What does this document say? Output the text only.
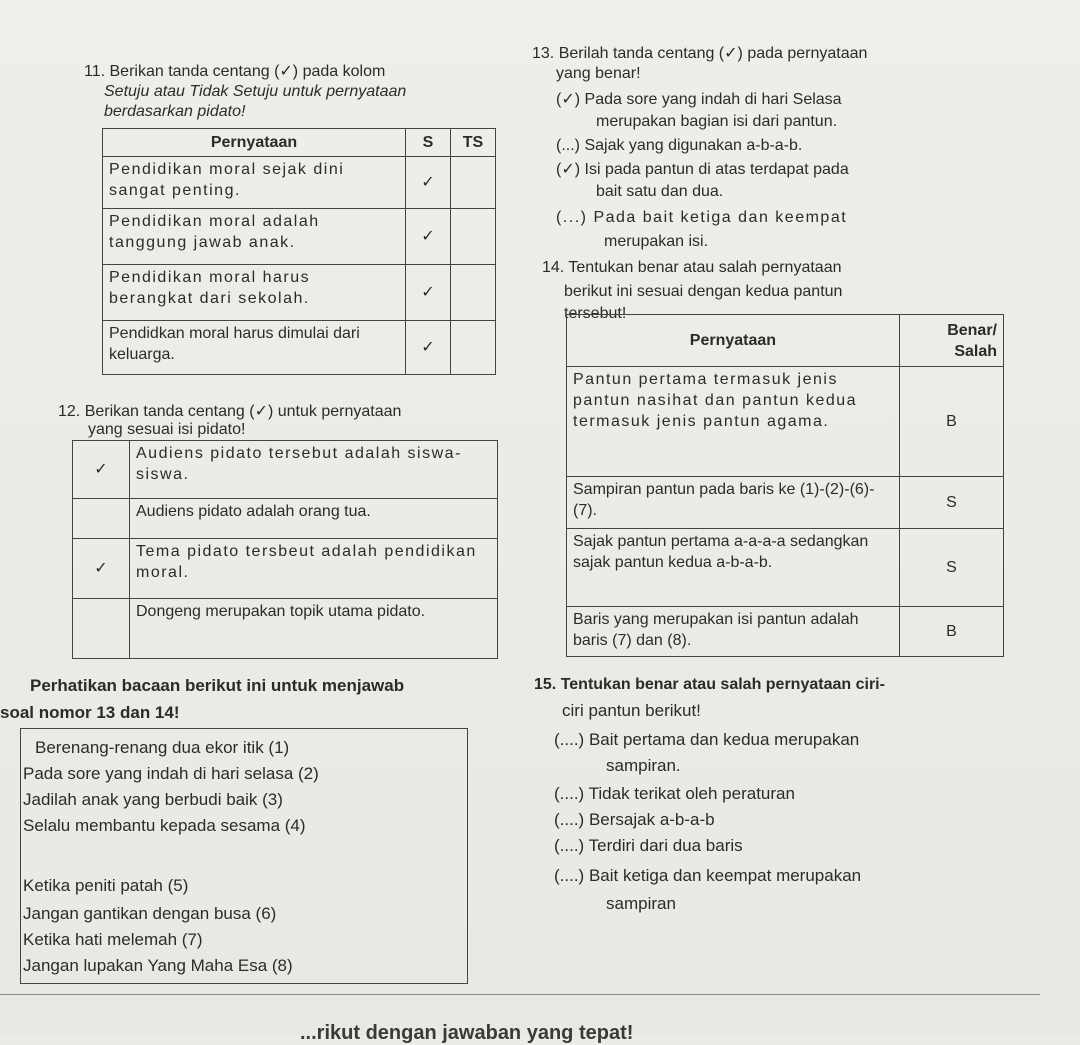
11. Berikan tanda centang (✓) pada kolom
Setuju atau Tidak Setuju untuk pernyataan
berdasarkan pidato!
Pernyataan	S	TS
Pendidikan moral sejak dini sangat penting.	✓	
Pendidikan moral adalah tanggung jawab anak.	✓	
Pendidikan moral harus berangkat dari sekolah.	✓	
Pendidkan moral harus dimulai dari keluarga.	✓	
12. Berikan tanda centang (✓) untuk pernyataan
yang sesuai isi pidato!
✓	Audiens pidato tersebut adalah siswa-siswa.
	Audiens pidato adalah orang tua.
✓	Tema pidato tersbeut adalah pendidikan moral.
	Dongeng merupakan topik utama pidato.
Perhatikan bacaan berikut ini untuk menjawab
soal nomor 13 dan 14!
Berenang-renang dua ekor itik (1)
Pada sore yang indah di hari selasa (2)
Jadilah anak yang berbudi baik (3)
Selalu membantu kepada sesama (4)
Ketika peniti patah (5)
Jangan gantikan dengan busa (6)
Ketika hati melemah (7)
Jangan lupakan Yang Maha Esa (8)
13. Berilah tanda centang (✓) pada pernyataan
yang benar!
(✓) Pada sore yang indah di hari Selasa
merupakan bagian isi dari pantun.
(...) Sajak yang digunakan a-b-a-b.
(✓) Isi pada pantun di atas terdapat pada
bait satu dan dua.
(...) Pada bait ketiga dan keempat
merupakan isi.
14. Tentukan benar atau salah pernyataan
berikut ini sesuai dengan kedua pantun
tersebut!
Pernyataan	Benar/ Salah
Pantun pertama termasuk jenis pantun nasihat dan pantun kedua termasuk jenis pantun agama.	B
Sampiran pantun pada baris ke (1)-(2)-(6)-(7).	S
Sajak pantun pertama a-a-a-a sedangkan sajak pantun kedua a-b-a-b.	S
Baris yang merupakan isi pantun adalah baris (7) dan (8).	B
15. Tentukan benar atau salah pernyataan ciri-
ciri pantun berikut!
(....) Bait pertama dan kedua merupakan
sampiran.
(....) Tidak terikat oleh peraturan
(....) Bersajak a-b-a-b
(....) Terdiri dari dua baris
(....) Bait ketiga dan keempat merupakan
sampiran
...rikut dengan jawaban yang tepat!
